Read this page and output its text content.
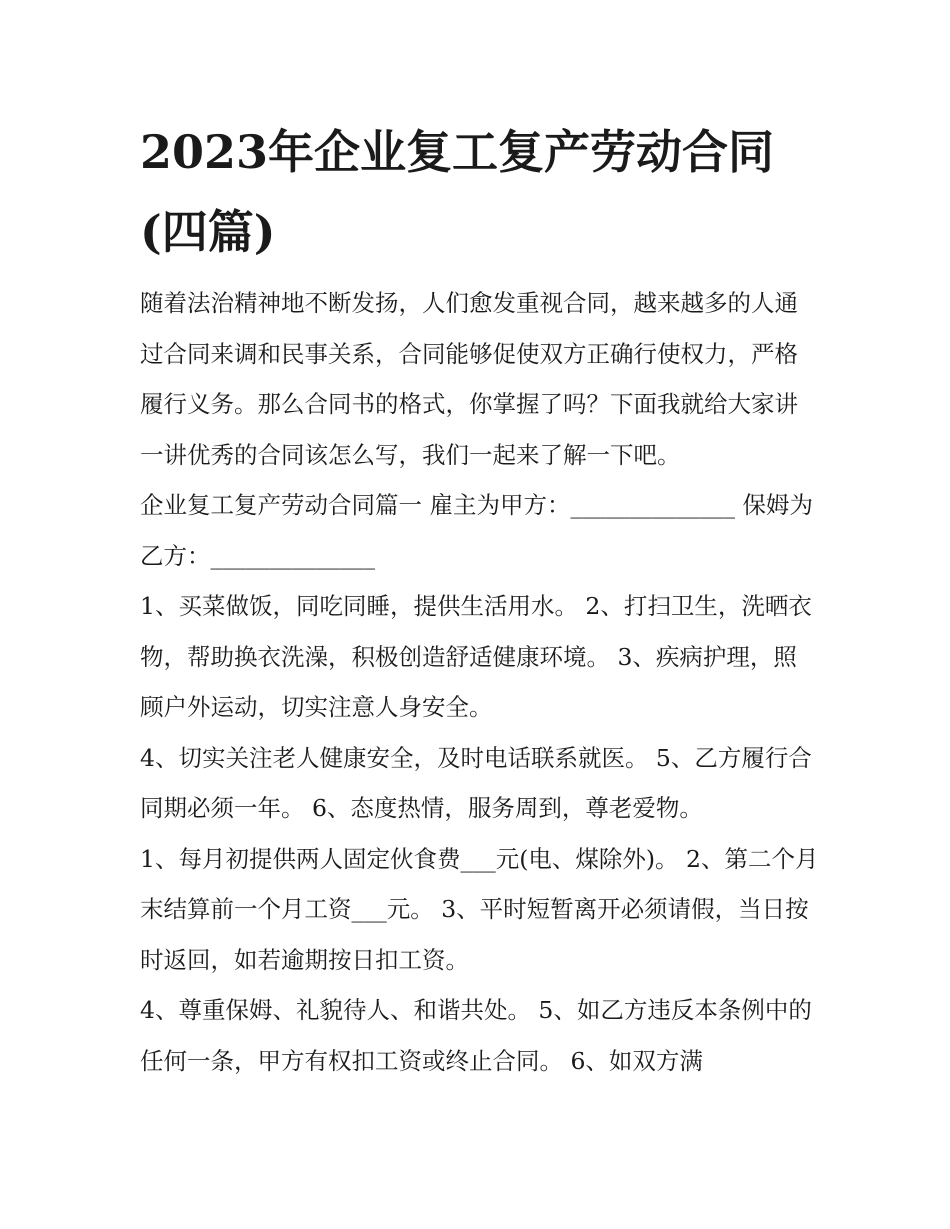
2023年企业复工复产劳动合同(四篇)

随着法治精神地不断发扬，人们愈发重视合同，越来越多的人通过合同来调和民事关系，合同能够促使双方正确行使权力，严格履行义务。那么合同书的格式，你掌握了吗？下面我就给大家讲一讲优秀的合同该怎么写，我们一起来了解一下吧。

企业复工复产劳动合同篇一 雇主为甲方：______________ 保姆为乙方：______________

1、买菜做饭，同吃同睡，提供生活用水。 2、打扫卫生，洗晒衣物，帮助换衣洗澡，积极创造舒适健康环境。 3、疾病护理，照顾户外运动，切实注意人身安全。

4、切实关注老人健康安全，及时电话联系就医。 5、乙方履行合同期必须一年。 6、态度热情，服务周到，尊老爱物。

1、每月初提供两人固定伙食费___元(电、煤除外)。 2、第二个月末结算前一个月工资___元。 3、平时短暂离开必须请假，当日按时返回，如若逾期按日扣工资。

4、尊重保姆、礼貌待人、和谐共处。 5、如乙方违反本条例中的任何一条，甲方有权扣工资或终止合同。 6、如双方满
